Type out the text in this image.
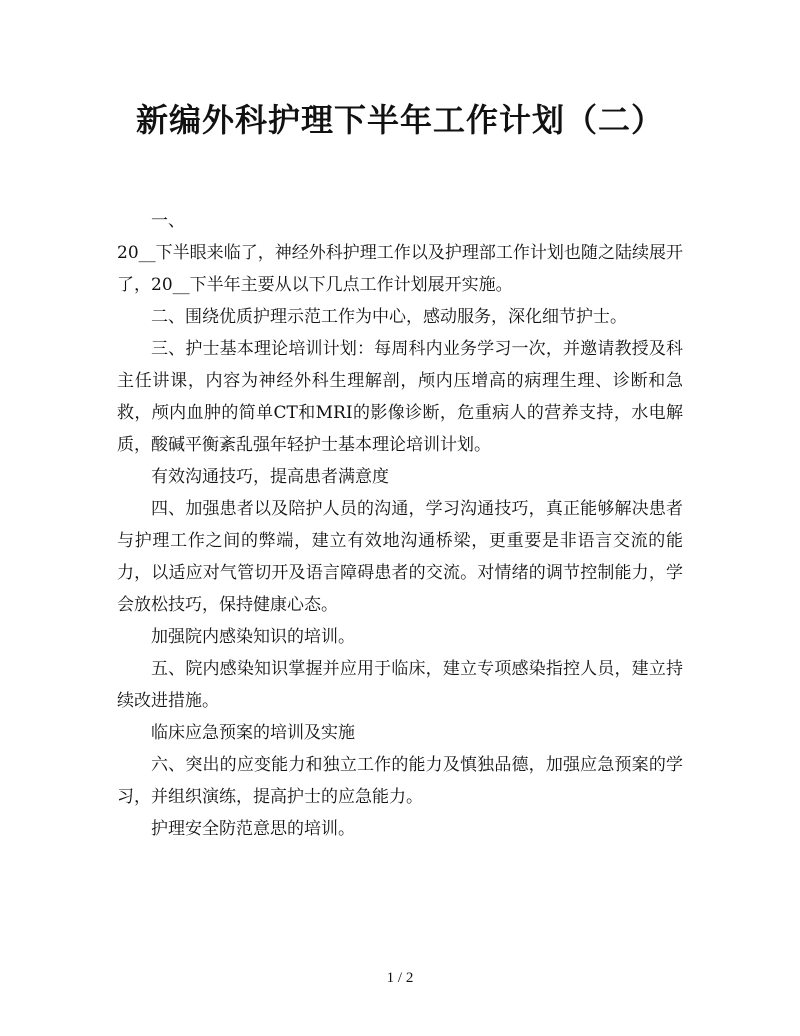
新编外科护理下半年工作计划（二）

一、

20__下半眼来临了，神经外科护理工作以及护理部工作计划也随之陆续展开了，20__下半年主要从以下几点工作计划展开实施。

二、围绕优质护理示范工作为中心，感动服务，深化细节护士。

三、护士基本理论培训计划：每周科内业务学习一次，并邀请教授及科主任讲课，内容为神经外科生理解剖，颅内压增高的病理生理、诊断和急救，颅内血肿的简单CT和MRI的影像诊断，危重病人的营养支持，水电解质，酸碱平衡紊乱强年轻护士基本理论培训计划。

有效沟通技巧，提高患者满意度

四、加强患者以及陪护人员的沟通，学习沟通技巧，真正能够解决患者与护理工作之间的弊端，建立有效地沟通桥梁，更重要是非语言交流的能力，以适应对气管切开及语言障碍患者的交流。对情绪的调节控制能力，学会放松技巧，保持健康心态。

加强院内感染知识的培训。

五、院内感染知识掌握并应用于临床，建立专项感染指控人员，建立持续改进措施。

临床应急预案的培训及实施

六、突出的应变能力和独立工作的能力及慎独品德，加强应急预案的学习，并组织演练，提高护士的应急能力。

护理安全防范意思的培训。

1 / 2
